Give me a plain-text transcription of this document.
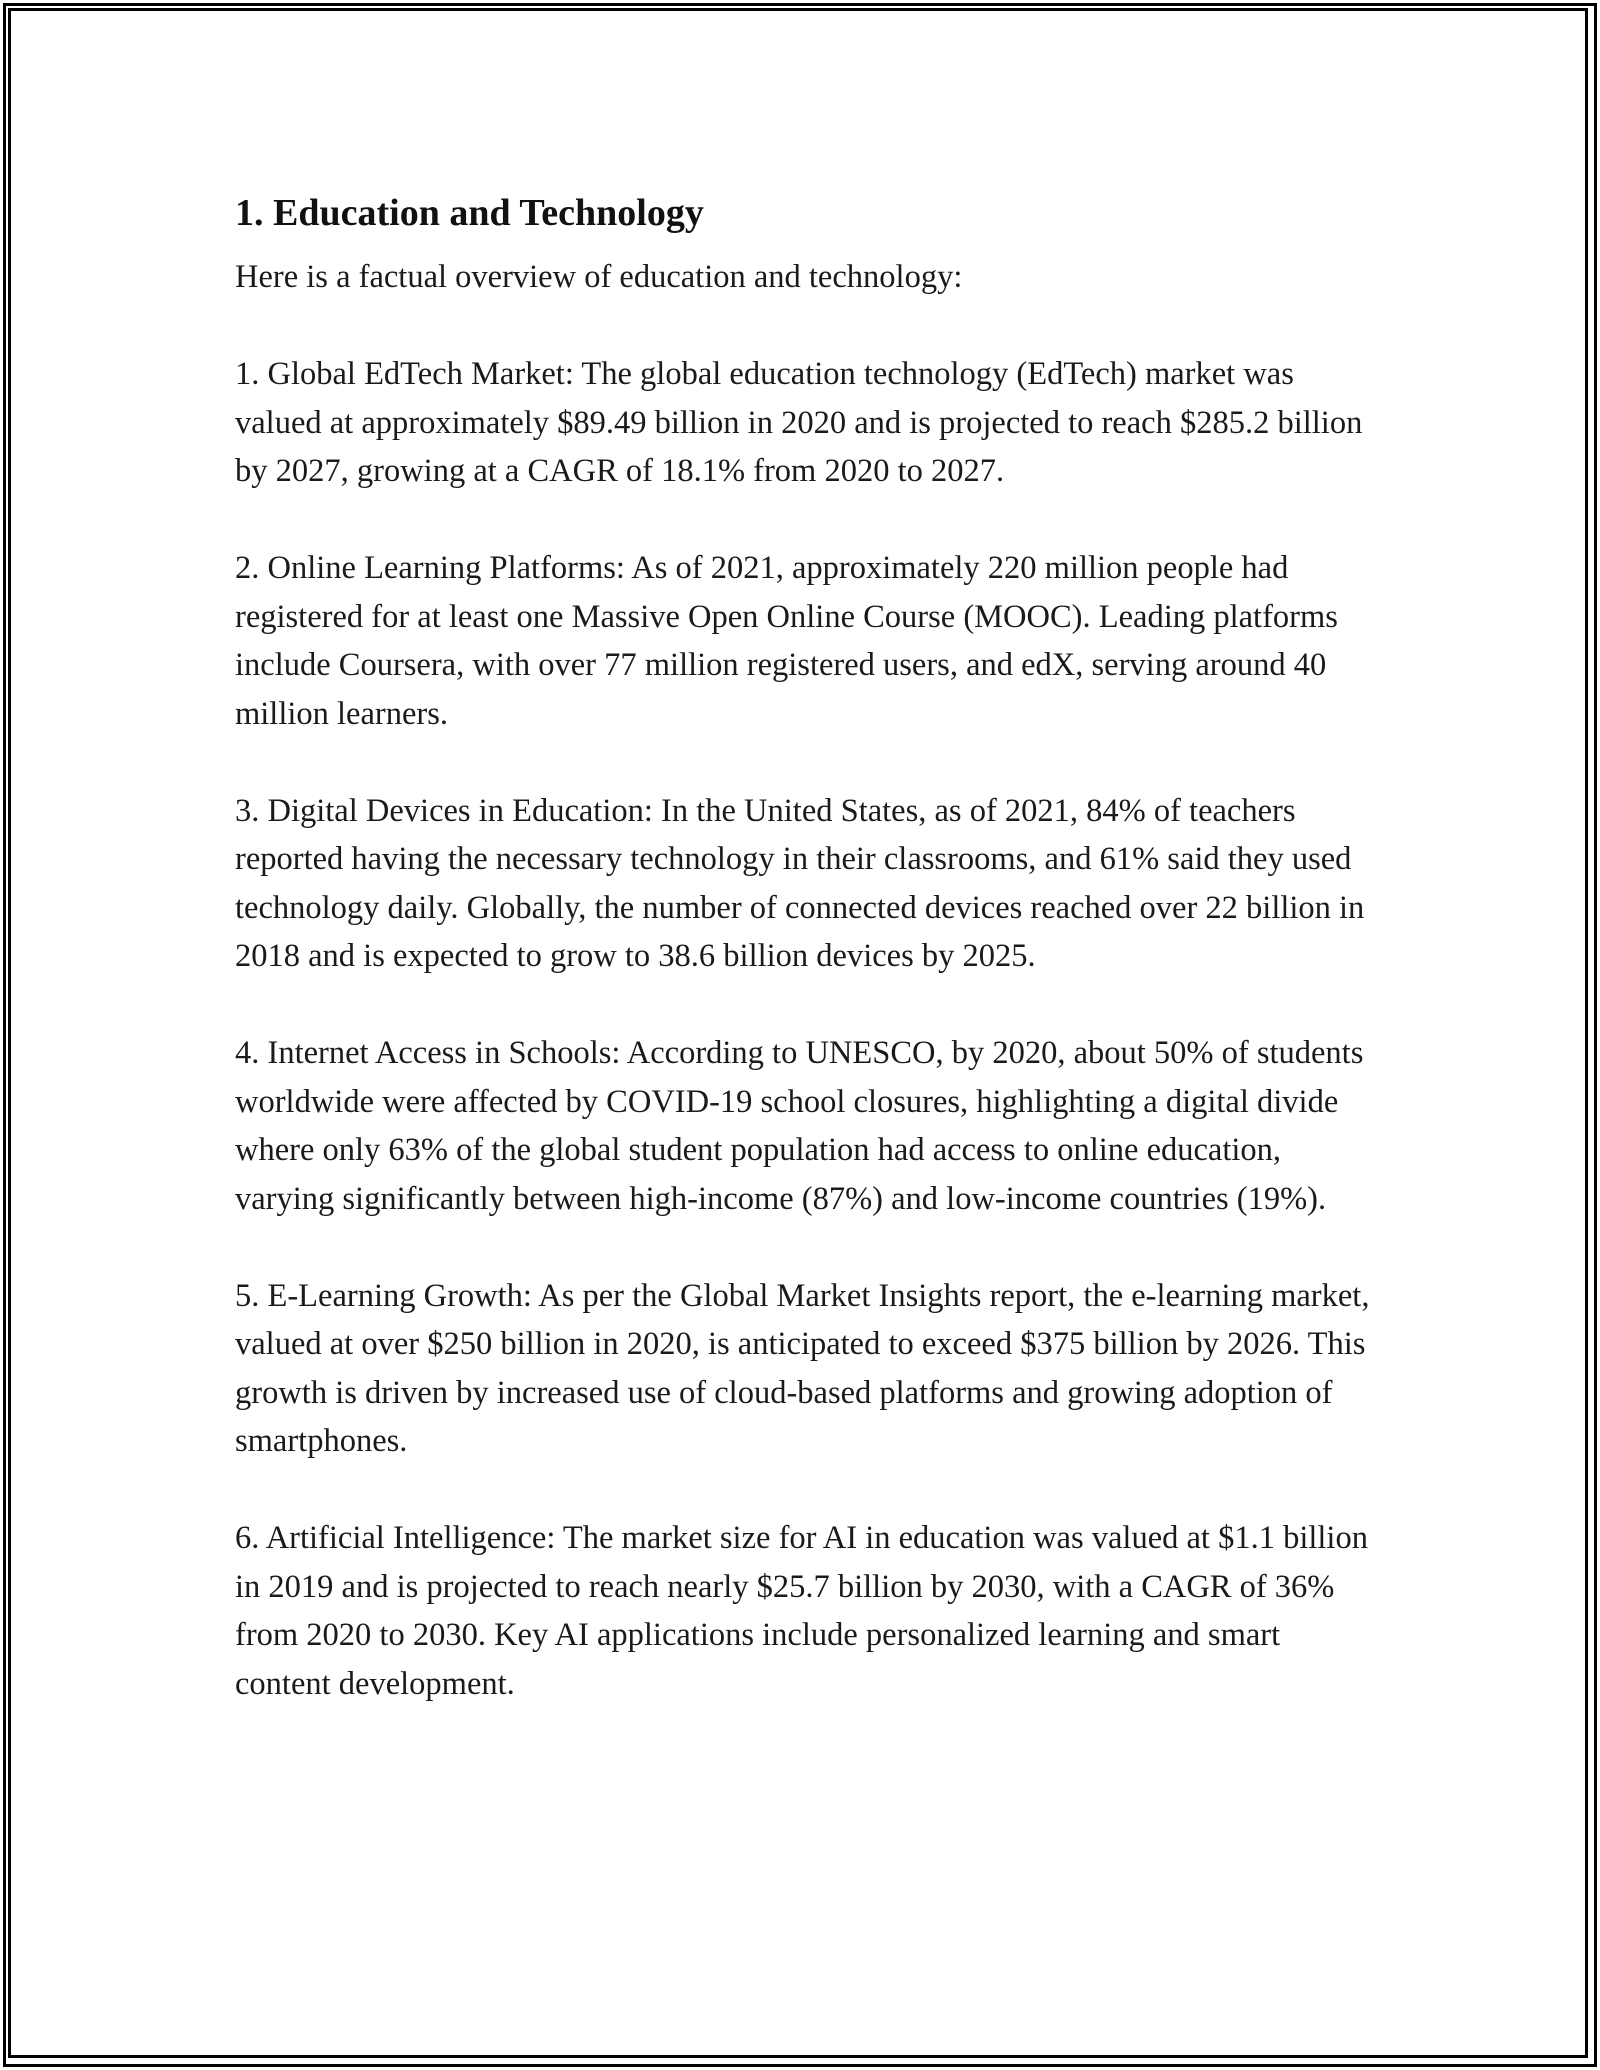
1. Education and Technology

Here is a factual overview of education and technology:

1. Global EdTech Market: The global education technology (EdTech) market was valued at approximately $89.49 billion in 2020 and is projected to reach $285.2 billion by 2027, growing at a CAGR of 18.1% from 2020 to 2027.

2. Online Learning Platforms: As of 2021, approximately 220 million people had registered for at least one Massive Open Online Course (MOOC). Leading platforms include Coursera, with over 77 million registered users, and edX, serving around 40 million learners.

3. Digital Devices in Education: In the United States, as of 2021, 84% of teachers reported having the necessary technology in their classrooms, and 61% said they used technology daily. Globally, the number of connected devices reached over 22 billion in 2018 and is expected to grow to 38.6 billion devices by 2025.

4. Internet Access in Schools: According to UNESCO, by 2020, about 50% of students worldwide were affected by COVID-19 school closures, highlighting a digital divide where only 63% of the global student population had access to online education, varying significantly between high-income (87%) and low-income countries (19%).

5. E-Learning Growth: As per the Global Market Insights report, the e-learning market, valued at over $250 billion in 2020, is anticipated to exceed $375 billion by 2026. This growth is driven by increased use of cloud-based platforms and growing adoption of smartphones.

6. Artificial Intelligence: The market size for AI in education was valued at $1.1 billion in 2019 and is projected to reach nearly $25.7 billion by 2030, with a CAGR of 36% from 2020 to 2030. Key AI applications include personalized learning and smart content development.
